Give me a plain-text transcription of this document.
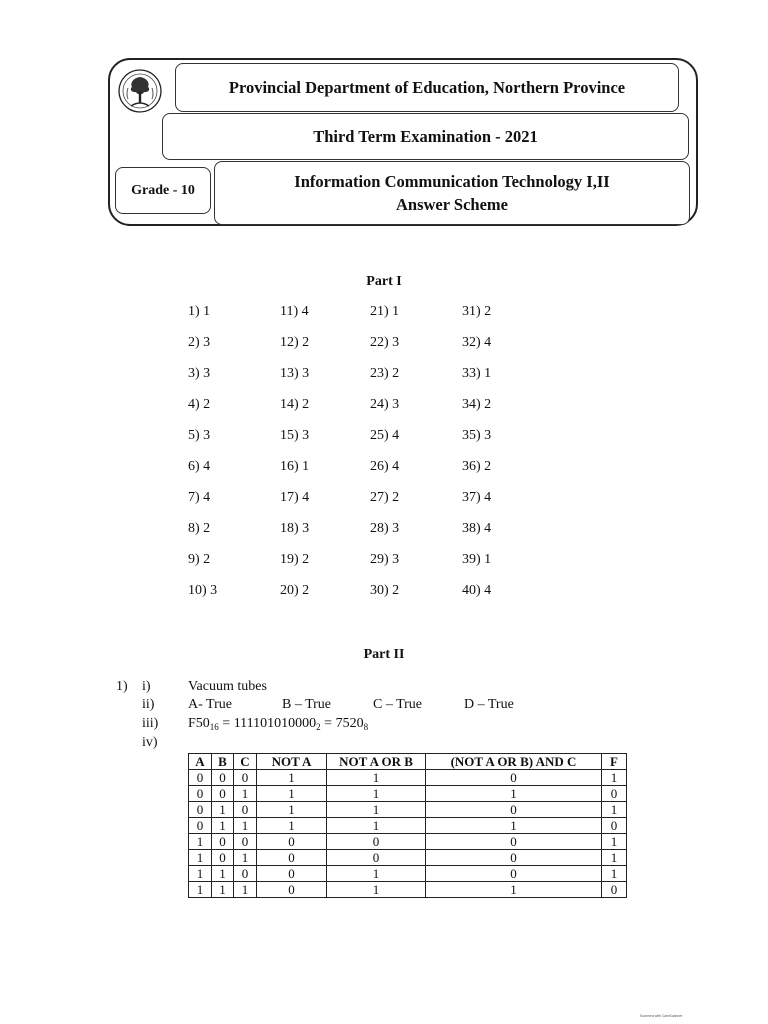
Provincial Department of Education, Northern Province
Third Term Examination - 2021
Grade - 10	Information Communication Technology I,II
Answer Scheme
Part I
1) 1	11) 4	21) 1	31) 2
2) 3	12) 2	22) 3	32) 4
3) 3	13) 3	23) 2	33) 1
4) 2	14) 2	24) 3	34) 2
5) 3	15) 3	25) 4	35) 3
6) 4	16) 1	26) 4	36) 2
7) 4	17) 4	27) 2	37) 4
8) 2	18) 3	28) 3	38) 4
9) 2	19) 2	29) 3	39) 1
10) 3	20) 2	30) 2	40) 4
Part II
1) i)	Vacuum tubes
ii) A- True	B – True	C – True	D – True
iii) $F50_{16} = 111101010000_2 = 7520_8$
iv)
A	B	C	NOT A	NOT A OR B	(NOT A OR B) AND C	F
0	0	0	1	1	0	1
0	0	1	1	1	1	0
0	1	0	1	1	0	1
0	1	1	1	1	1	0
1	0	0	0	0	0	1
1	0	1	0	0	0	1
1	1	0	0	1	0	1
1	1	1	0	1	1	0
Scanned with CamScanner
